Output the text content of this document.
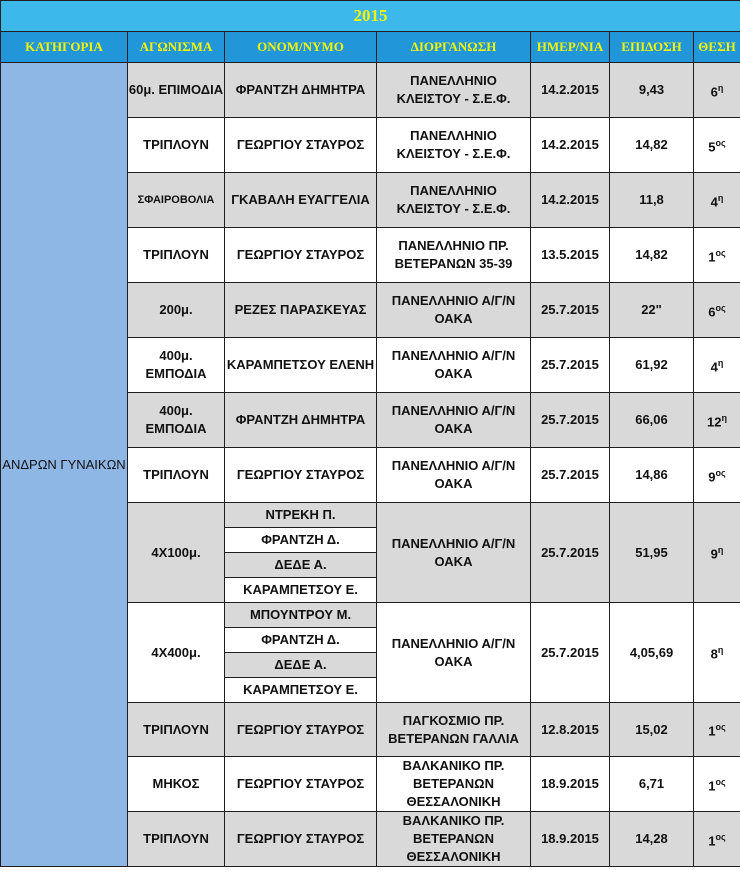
2015						
ΚΑΤΗΓΟΡΙΑ	ΑΓΩΝΙΣΜΑ	ΟΝΟΜ/ΝΥΜΟ	ΔΙΟΡΓΑΝΩΣΗ	ΗΜΕΡ/ΝΙΑ	ΕΠΙΔΟΣΗ	ΘΕΣΗ
ΑΝΔΡΩΝ ΓΥΝΑΙΚΩΝ	60μ. ΕΠΙΜΟΔΙΑ	ΦΡΑΝΤΖΗ ΔΗΜΗΤΡΑ	ΠΑΝΕΛΛΗΝΙΟ ΚΛΕΙΣΤΟΥ - Σ.Ε.Φ.	14.2.2015	9,43	$6^\eta$
	ΤΡΙΠΛΟΥΝ	ΓΕΩΡΓΙΟΥ ΣΤΑΥΡΟΣ	ΠΑΝΕΛΛΗΝΙΟ ΚΛΕΙΣΤΟΥ - Σ.Ε.Φ.	14.2.2015	14,82	$5^{o\varsigma}$
	ΣΦΑΙΡΟΒΟΛΙΑ	ΓΚΑΒΑΛΗ ΕΥΑΓΓΕΛΙΑ	ΠΑΝΕΛΛΗΝΙΟ ΚΛΕΙΣΤΟΥ - Σ.Ε.Φ.	14.2.2015	11,8	$4^\eta$
	ΤΡΙΠΛΟΥΝ	ΓΕΩΡΓΙΟΥ ΣΤΑΥΡΟΣ	ΠΑΝΕΛΛΗΝΙΟ ΠΡ. ΒΕΤΕΡΑΝΩΝ 35-39	13.5.2015	14,82	$1^{o\varsigma}$
	200μ.	ΡΕΖΕΣ ΠΑΡΑΣΚΕΥΑΣ	ΠΑΝΕΛΛΗΝΙΟ Α/Γ/Ν ΟΑΚΑ	25.7.2015	22"	$6^{o\varsigma}$
	400μ. ΕΜΠΟΔΙΑ	ΚΑΡΑΜΠΕΤΣΟΥ ΕΛΕΝΗ	ΠΑΝΕΛΛΗΝΙΟ Α/Γ/Ν ΟΑΚΑ	25.7.2015	61,92	$4^\eta$
	400μ. ΕΜΠΟΔΙΑ	ΦΡΑΝΤΖΗ ΔΗΜΗΤΡΑ	ΠΑΝΕΛΛΗΝΙΟ Α/Γ/Ν ΟΑΚΑ	25.7.2015	66,06	$12^\eta$
	ΤΡΙΠΛΟΥΝ	ΓΕΩΡΓΙΟΥ ΣΤΑΥΡΟΣ	ΠΑΝΕΛΛΗΝΙΟ Α/Γ/Ν ΟΑΚΑ	25.7.2015	14,86	$9^{o\varsigma}$
	4Χ100μ.	ΝΤΡΕΚΗ Π.	ΠΑΝΕΛΛΗΝΙΟ Α/Γ/Ν ΟΑΚΑ	25.7.2015	51,95	$9^\eta$
		ΦΡΑΝΤΖΗ Δ.				
		ΔΕΔΕ Α.				
		ΚΑΡΑΜΠΕΤΣΟΥ Ε.				
	4Χ400μ.	ΜΠΟΥΝΤΡΟΥ Μ.	ΠΑΝΕΛΛΗΝΙΟ Α/Γ/Ν ΟΑΚΑ	25.7.2015	4,05,69	$8^\eta$
		ΦΡΑΝΤΖΗ Δ.				
		ΔΕΔΕ Α.				
		ΚΑΡΑΜΠΕΤΣΟΥ Ε.				
	ΤΡΙΠΛΟΥΝ	ΓΕΩΡΓΙΟΥ ΣΤΑΥΡΟΣ	ΠΑΓΚΟΣΜΙΟ ΠΡ. ΒΕΤΕΡΑΝΩΝ ΓΑΛΛΙΑ	12.8.2015	15,02	$1^{o\varsigma}$
	ΜΗΚΟΣ	ΓΕΩΡΓΙΟΥ ΣΤΑΥΡΟΣ	ΒΑΛΚΑΝΙΚΟ ΠΡ. ΒΕΤΕΡΑΝΩΝ ΘΕΣΣΑΛΟΝΙΚΗ	18.9.2015	6,71	$1^{o\varsigma}$
	ΤΡΙΠΛΟΥΝ	ΓΕΩΡΓΙΟΥ ΣΤΑΥΡΟΣ	ΒΑΛΚΑΝΙΚΟ ΠΡ. ΒΕΤΕΡΑΝΩΝ ΘΕΣΣΑΛΟΝΙΚΗ	18.9.2015	14,28	$1^{o\varsigma}$
